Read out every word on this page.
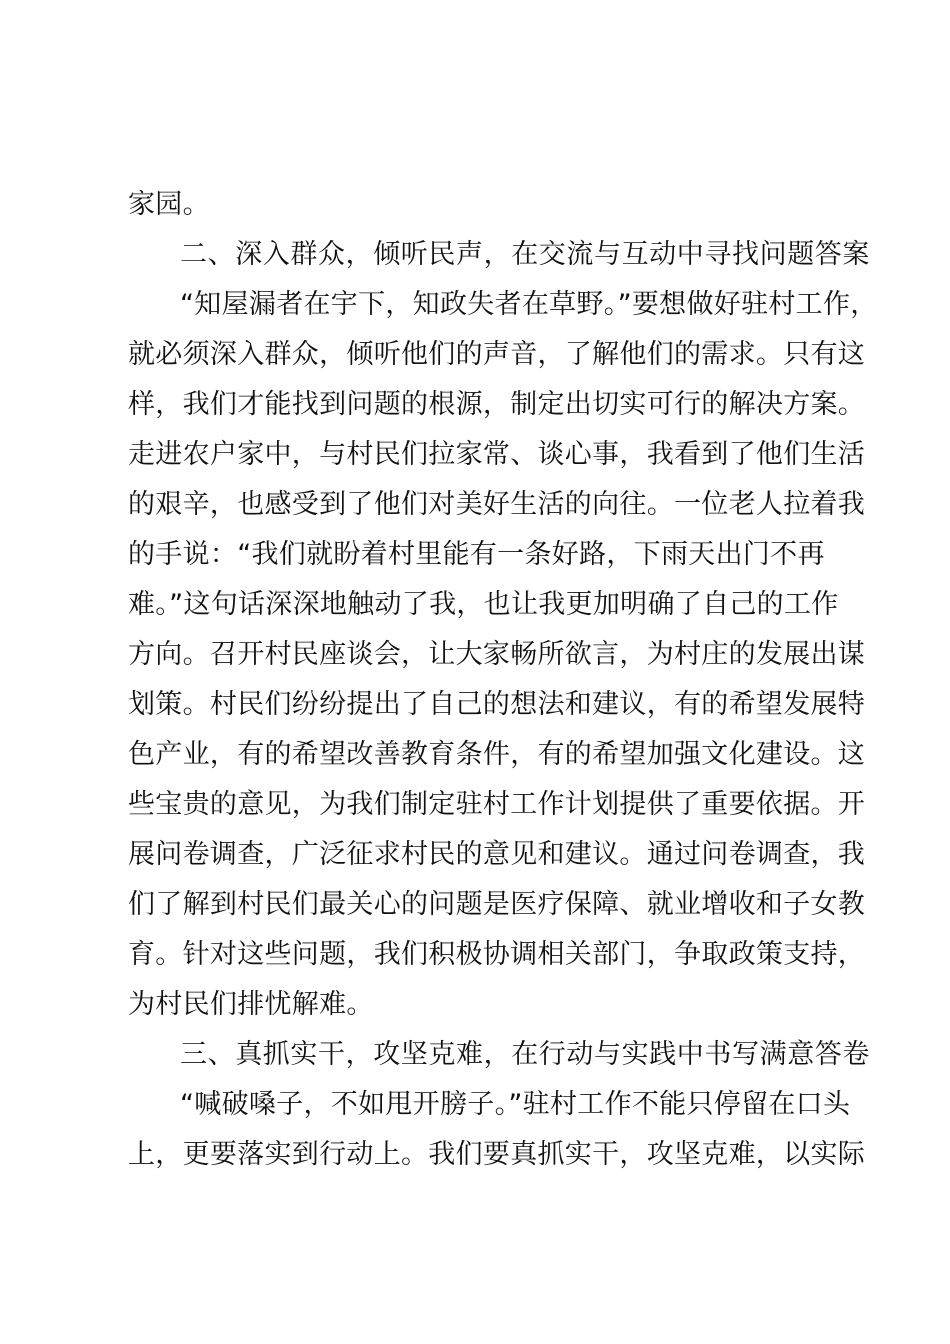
家园。
二、深入群众，倾听民声，在交流与互动中寻找问题答案
“知屋漏者在宇下，知政失者在草野。”要想做好驻村工作，
就必须深入群众，倾听他们的声音，了解他们的需求。只有这
样，我们才能找到问题的根源，制定出切实可行的解决方案。
走进农户家中，与村民们拉家常、谈心事，我看到了他们生活
的艰辛，也感受到了他们对美好生活的向往。一位老人拉着我
的手说：“我们就盼着村里能有一条好路，下雨天出门不再
难。”这句话深深地触动了我，也让我更加明确了自己的工作
方向。召开村民座谈会，让大家畅所欲言，为村庄的发展出谋
划策。村民们纷纷提出了自己的想法和建议，有的希望发展特
色产业，有的希望改善教育条件，有的希望加强文化建设。这
些宝贵的意见，为我们制定驻村工作计划提供了重要依据。开
展问卷调查，广泛征求村民的意见和建议。通过问卷调查，我
们了解到村民们最关心的问题是医疗保障、就业增收和子女教
育。针对这些问题，我们积极协调相关部门，争取政策支持，
为村民们排忧解难。
三、真抓实干，攻坚克难，在行动与实践中书写满意答卷
“喊破嗓子，不如甩开膀子。”驻村工作不能只停留在口头
上，更要落实到行动上。我们要真抓实干，攻坚克难，以实际
